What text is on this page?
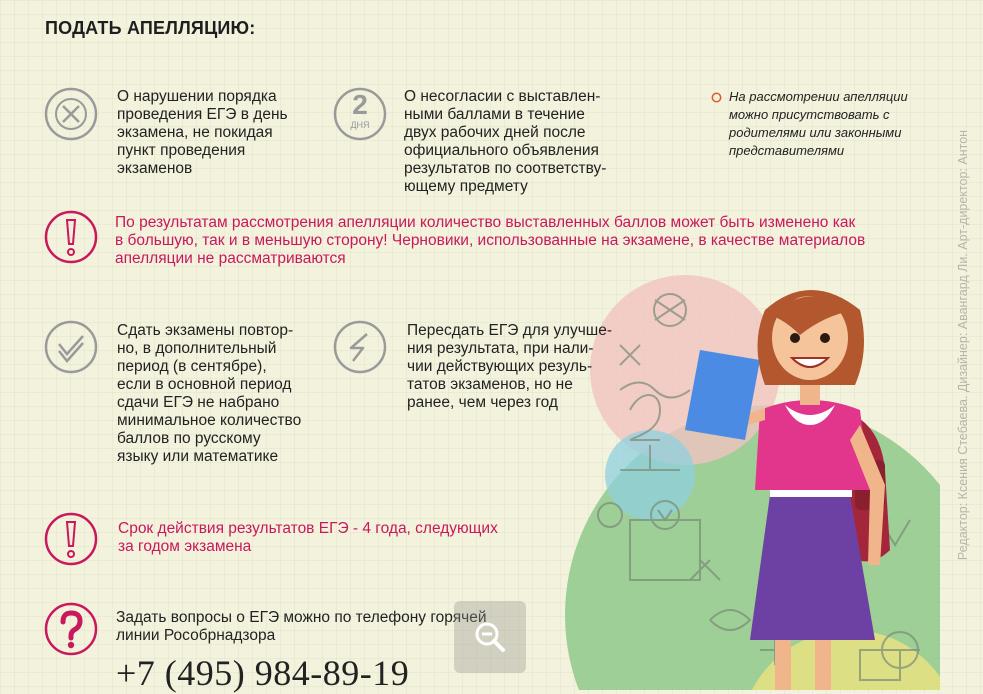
ПОДАТЬ АПЕЛЛЯЦИЮ:
О нарушении порядка
проведения ЕГЭ в день
экзамена, не покидая
пункт проведения
экзаменов
2
ДНЯ
О несогласии с выставлен-
ными баллами в течение
двух рабочих дней после
официального объявления
результатов по соответству-
ющему предмету
На рассмотрении апелляции
можно присутствовать с
родителями или законными
представителями
По результатам рассмотрения апелляции количество выставленных баллов может быть изменено как
в большую, так и в меньшую сторону! Черновики, использованные на экзамене, в качестве материалов
апелляции не рассматриваются
Сдать экзамены повтор-
но, в дополнительный
период (в сентябре),
если в основной период
сдачи ЕГЭ не набрано
минимальное количество
баллов по русскому
языку или математике
Пересдать ЕГЭ для улучше-
ния результата, при нали-
чии действующих резуль-
татов экзаменов, но не
ранее, чем через год
Срок действия результатов ЕГЭ - 4 года, следующих
за годом экзамена
Задать вопросы о ЕГЭ можно по телефону горячей
линии Рособрнадзора
+7 (495) 984-89-19
Редактор: Ксения Стебаева. Дизайнер: Авангард Ли. Арт-директор: Антон
